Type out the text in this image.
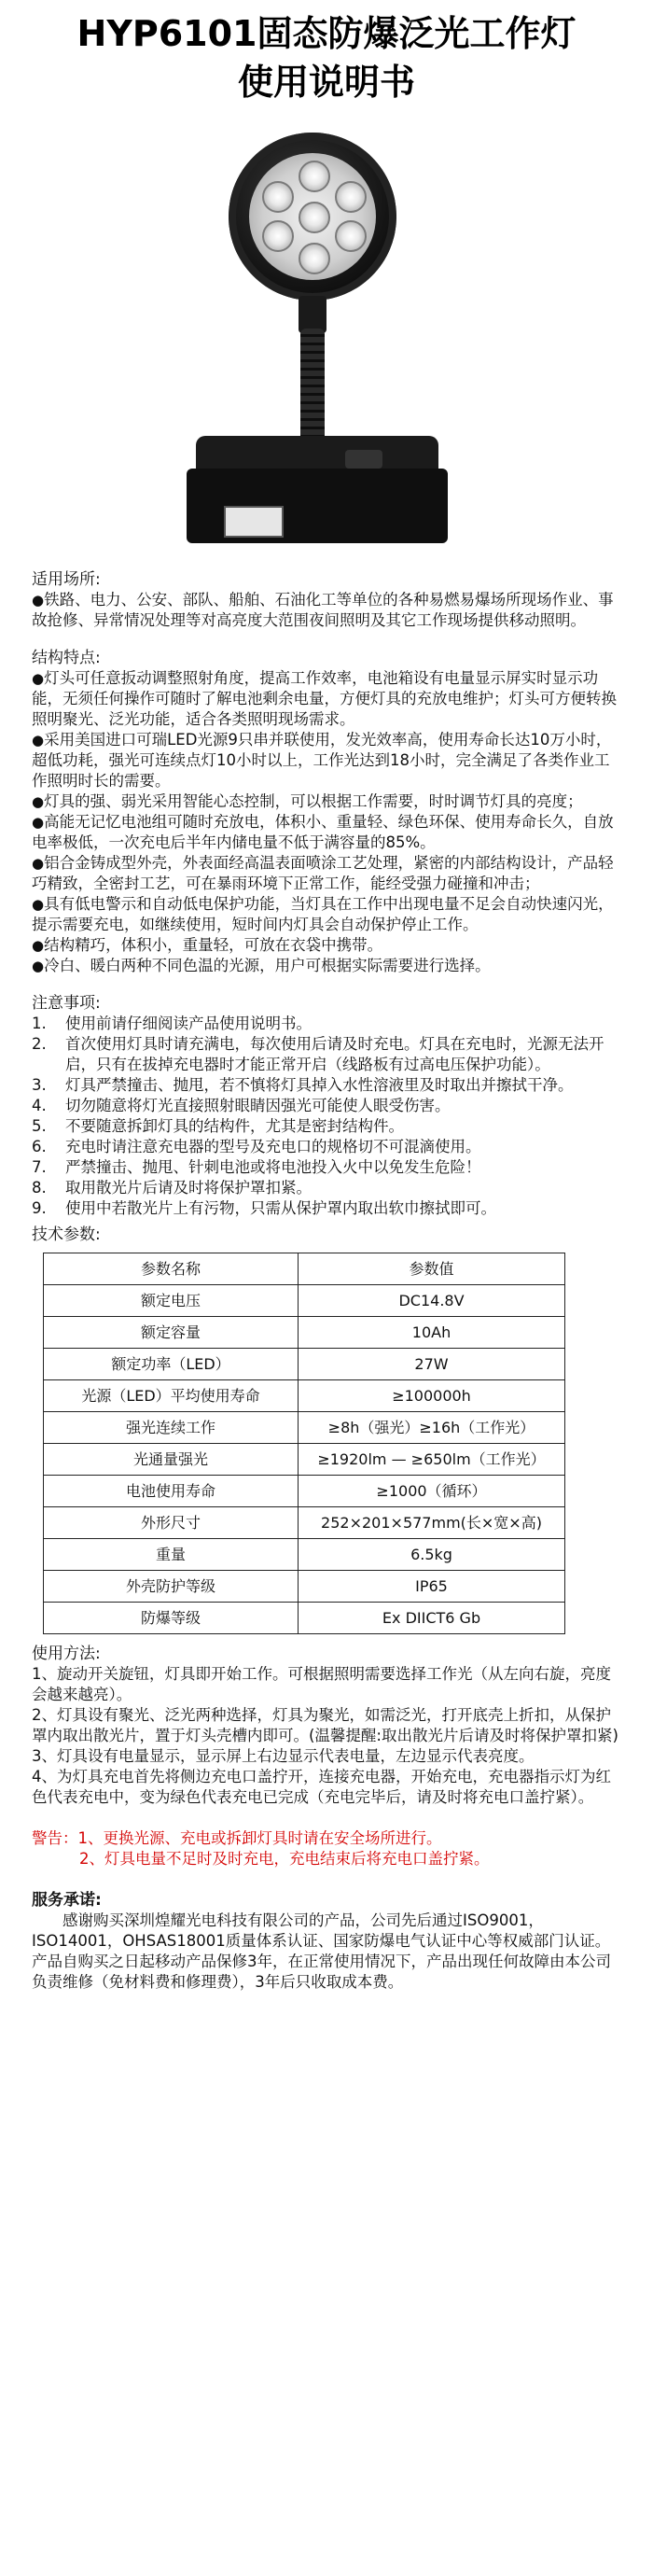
HYP6101固态防爆泛光工作灯
使用说明书

适用场所:

● 铁路、电力、公安、部队、船舶、石油化工等单位的各种易燃易爆场所现场作业、事故抢修、异常情况处理等对高亮度大范围夜间照明及其它工作现场提供移动照明。

结构特点:

● 灯头可任意扳动调整照射角度，提高工作效率，电池箱设有电量显示屏实时显示功能，无须任何操作可随时了解电池剩余电量，方便灯具的充放电维护；灯头可方便转换照明聚光、泛光功能，适合各类照明现场需求。

● 采用美国进口可瑞LED光源9只串并联使用，发光效率高，使用寿命长达10万小时，超低功耗，强光可连续点灯10小时以上，工作光达到18小时，完全满足了各类作业工作照明时长的需要。

● 灯具的强、弱光采用智能心态控制，可以根据工作需要，时时调节灯具的亮度；

● 高能无记忆电池组可随时充放电，体积小、重量轻、绿色环保、使用寿命长久，自放电率极低，一次充电后半年内储电量不低于满容量的85%。

● 铝合金铸成型外壳，外表面经高温表面喷涂工艺处理，紧密的内部结构设计，产品轻巧精致，全密封工艺，可在暴雨环境下正常工作，能经受强力碰撞和冲击；

● 具有低电警示和自动低电保护功能，当灯具在工作中出现电量不足会自动快速闪光，提示需要充电，如继续使用，短时间内灯具会自动保护停止工作。

● 结构精巧，体积小，重量轻，可放在衣袋中携带。

● 冷白、暖白两种不同色温的光源，用户可根据实际需要进行选择。

注意事项:

1.	使用前请仔细阅读产品使用说明书。
2.	首次使用灯具时请充满电，每次使用后请及时充电。灯具在充电时，光源无法开启，只有在拔掉充电器时才能正常开启（线路板有过高电压保护功能）。
3.	灯具严禁撞击、抛甩，若不慎将灯具掉入水性溶液里及时取出并擦拭干净。
4.	切勿随意将灯光直接照射眼睛因强光可能使人眼受伤害。
5.	不要随意拆卸灯具的结构件，尤其是密封结构件。
6.	充电时请注意充电器的型号及充电口的规格切不可混滴使用。
7.	严禁撞击、抛甩、针刺电池或将电池投入火中以免发生危险！
8.	取用散光片后请及时将保护罩扣紧。
9.	使用中若散光片上有污物，只需从保护罩内取出软巾擦拭即可。

技术参数:

参数名称	参数值
额定电压	DC14.8V
额定容量	10Ah
额定功率（LED）	27W
光源（LED）平均使用寿命	≥100000h
强光连续工作	≥8h（强光）≥16h（工作光）
光通量强光	≥1920lm — ≥650lm（工作光）
电池使用寿命	≥1000（循环）
外形尺寸	252×201×577mm(长×宽×高)
重量	6.5kg
外壳防护等级	IP65
防爆等级	Ex DIICT6 Gb

使用方法:

1、旋动开关旋钮，灯具即开始工作。可根据照明需要选择工作光（从左向右旋，亮度会越来越亮）。

2、灯具设有聚光、泛光两种选择，灯具为聚光，如需泛光，打开底壳上折扣，从保护罩内取出散光片，置于灯头壳槽内即可。(温馨提醒:取出散光片后请及时将保护罩扣紧)

3、灯具设有电量显示，显示屏上右边显示代表电量，左边显示代表亮度。

4、为灯具充电首先将侧边充电口盖拧开，连接充电器，开始充电，充电器指示灯为红色代表充电中，变为绿色代表充电已完成（充电完毕后，请及时将充电口盖拧紧）。

警告：1、更换光源、充电或拆卸灯具时请在安全场所进行。

2、灯具电量不足时及时充电，充电结束后将充电口盖拧紧。

服务承诺:

感谢购买深圳煌耀光电科技有限公司的产品，公司先后通过ISO9001，ISO14001，OHSAS18001质量体系认证、国家防爆电气认证中心等权威部门认证。产品自购买之日起移动产品保修3年，在正常使用情况下，产品出现任何故障由本公司负责维修（免材料费和修理费），3年后只收取成本费。
